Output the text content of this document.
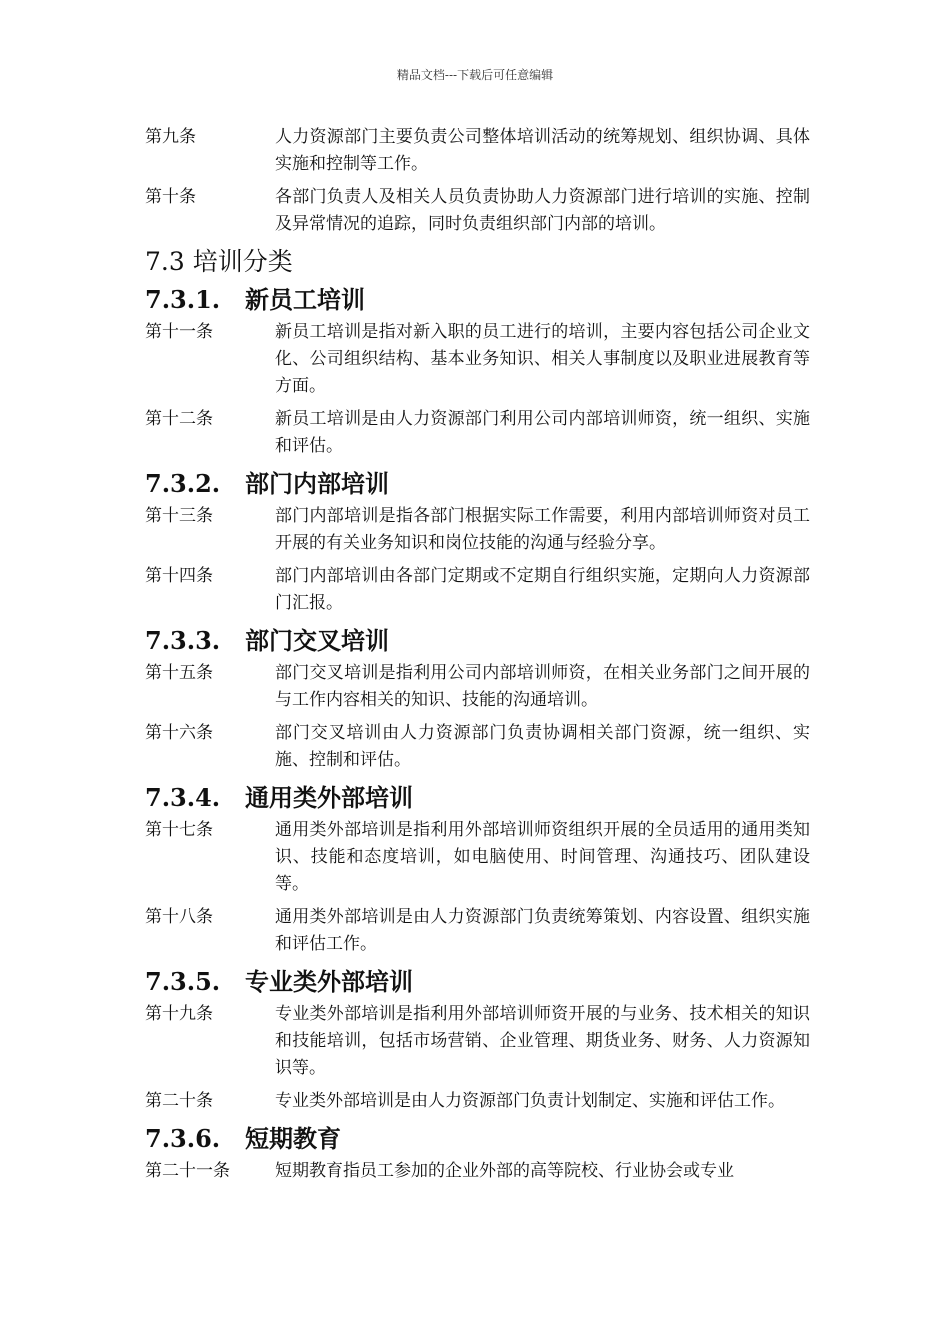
精品文档---下载后可任意编辑
第九条	人力资源部门主要负责公司整体培训活动的统筹规划、组织协调、具体实施和控制等工作。
第十条	各部门负责人及相关人员负责协助人力资源部门进行培训的实施、控制及异常情况的追踪，同时负责组织部门内部的培训。
7.3 培训分类
7.3.1.	新员工培训
第十一条	新员工培训是指对新入职的员工进行的培训，主要内容包括公司企业文化、公司组织结构、基本业务知识、相关人事制度以及职业进展教育等方面。
第十二条	新员工培训是由人力资源部门利用公司内部培训师资，统一组织、实施和评估。
7.3.2.	部门内部培训
第十三条	部门内部培训是指各部门根据实际工作需要，利用内部培训师资对员工开展的有关业务知识和岗位技能的沟通与经验分享。
第十四条	部门内部培训由各部门定期或不定期自行组织实施，定期向人力资源部门汇报。
7.3.3.	部门交叉培训
第十五条	部门交叉培训是指利用公司内部培训师资，在相关业务部门之间开展的与工作内容相关的知识、技能的沟通培训。
第十六条	部门交叉培训由人力资源部门负责协调相关部门资源，统一组织、实施、控制和评估。
7.3.4.	通用类外部培训
第十七条	通用类外部培训是指利用外部培训师资组织开展的全员适用的通用类知识、技能和态度培训，如电脑使用、时间管理、沟通技巧、团队建设等。
第十八条	通用类外部培训是由人力资源部门负责统筹策划、内容设置、组织实施和评估工作。
7.3.5.	专业类外部培训
第十九条	专业类外部培训是指利用外部培训师资开展的与业务、技术相关的知识和技能培训，包括市场营销、企业管理、期货业务、财务、人力资源知识等。
第二十条	专业类外部培训是由人力资源部门负责计划制定、实施和评估工作。
7.3.6.	短期教育
第二十一条	短期教育指员工参加的企业外部的高等院校、行业协会或专业
